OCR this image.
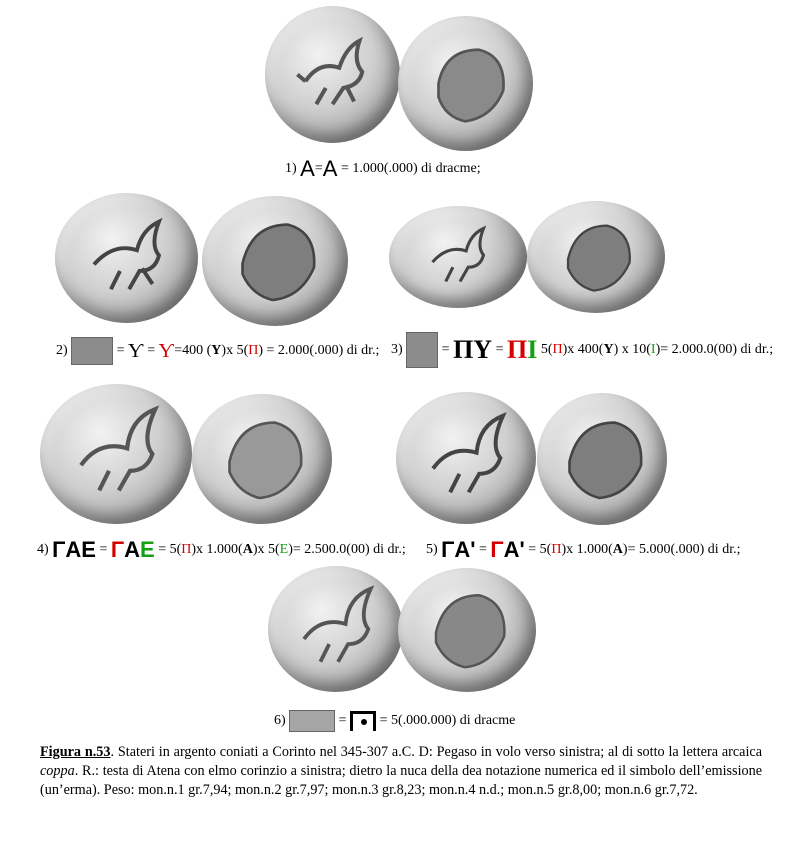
1) A=A = 1.000(.000) di dracme;
2)	= Ƴ = Ƴ=400 (Y)x 5(Π) = 2.000(.000) di dr.; 3)	= ΠY = ΠI 5(Π)x 400(Y) x 10(I)= 2.000.0(00) di dr.;
4) ΓAE = ΓAE = 5(Π)x 1.000(A)x 5(E)= 2.500.0(00) di dr.; 5) ΓA' = ΓA' = 5(Π)x 1.000(A)= 5.000(.000) di dr.;
6)	= = 5(.000.000) di dracme
Figura n.53. Stateri in argento coniati a Corinto nel 345-307 a.C. D: Pegaso in volo verso sinistra; al di sotto la lettera arcaica coppa. R.: testa di Atena con elmo corinzio a sinistra; dietro la nuca della dea notazione numerica ed il simbolo dell’emissione (un’erma). Peso: mon.n.1 gr.7,94; mon.n.2 gr.7,97; mon.n.3 gr.8,23; mon.n.4 n.d.; mon.n.5 gr.8,00; mon.n.6 gr.7,72.
